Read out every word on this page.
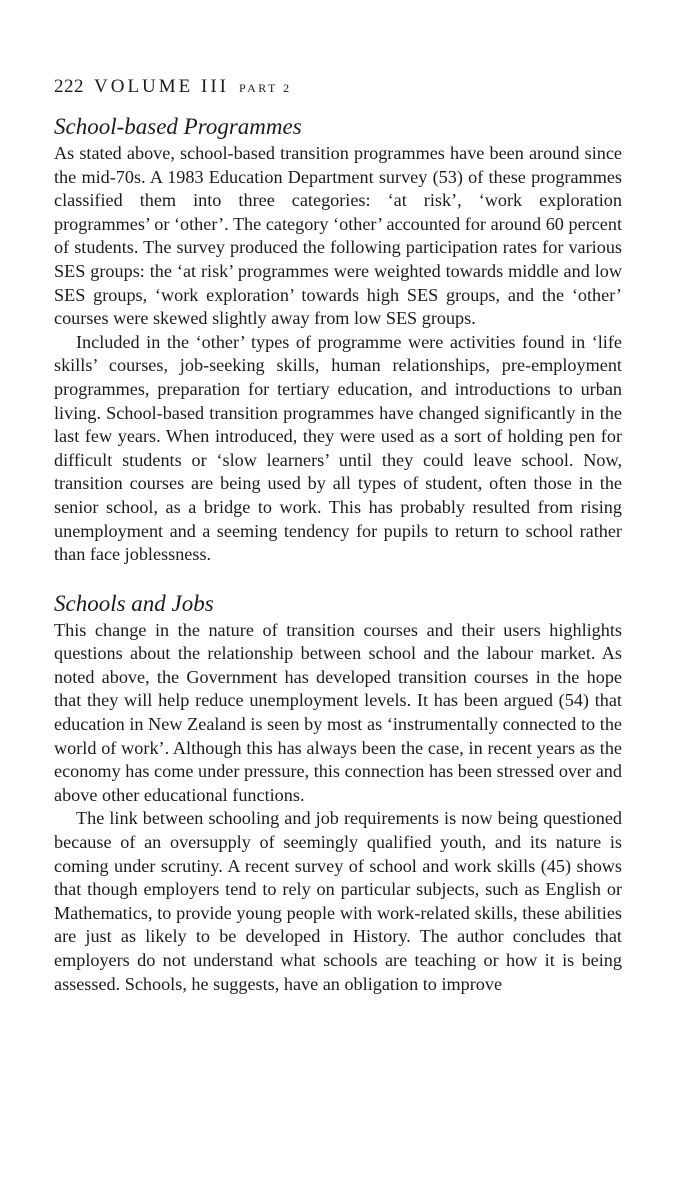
222 VOLUME III PART 2
School-based Programmes

As stated above, school-based transition programmes have been around since the mid-70s. A 1983 Education Department survey (53) of these programmes classified them into three categories: ‘at risk’, ‘work exploration programmes’ or ‘other’. The category ‘other’ accounted for around 60 percent of students. The survey produced the following participation rates for various SES groups: the ‘at risk’ programmes were weighted towards middle and low SES groups, ‘work exploration’ towards high SES groups, and the ‘other’ courses were skewed slightly away from low SES groups.

Included in the ‘other’ types of programme were activities found in ‘life skills’ courses, job-seeking skills, human relationships, pre-employment programmes, preparation for tertiary education, and introductions to urban living. School-based transition programmes have changed significantly in the last few years. When introduced, they were used as a sort of holding pen for difficult students or ‘slow learners’ until they could leave school. Now, transition courses are being used by all types of student, often those in the senior school, as a bridge to work. This has probably resulted from rising unemployment and a seeming tendency for pupils to return to school rather than face joblessness.

Schools and Jobs

This change in the nature of transition courses and their users highlights questions about the relationship between school and the labour market. As noted above, the Government has developed transition courses in the hope that they will help reduce unemployment levels. It has been argued (54) that education in New Zealand is seen by most as ‘instrumentally connected to the world of work’. Although this has always been the case, in recent years as the economy has come under pressure, this connection has been stressed over and above other educational functions.

The link between schooling and job requirements is now being questioned because of an oversupply of seemingly qualified youth, and its nature is coming under scrutiny. A recent survey of school and work skills (45) shows that though employers tend to rely on particular subjects, such as English or Mathematics, to provide young people with work-related skills, these abilities are just as likely to be developed in History. The author concludes that employers do not understand what schools are teaching or how it is being assessed. Schools, he suggests, have an obligation to improve
